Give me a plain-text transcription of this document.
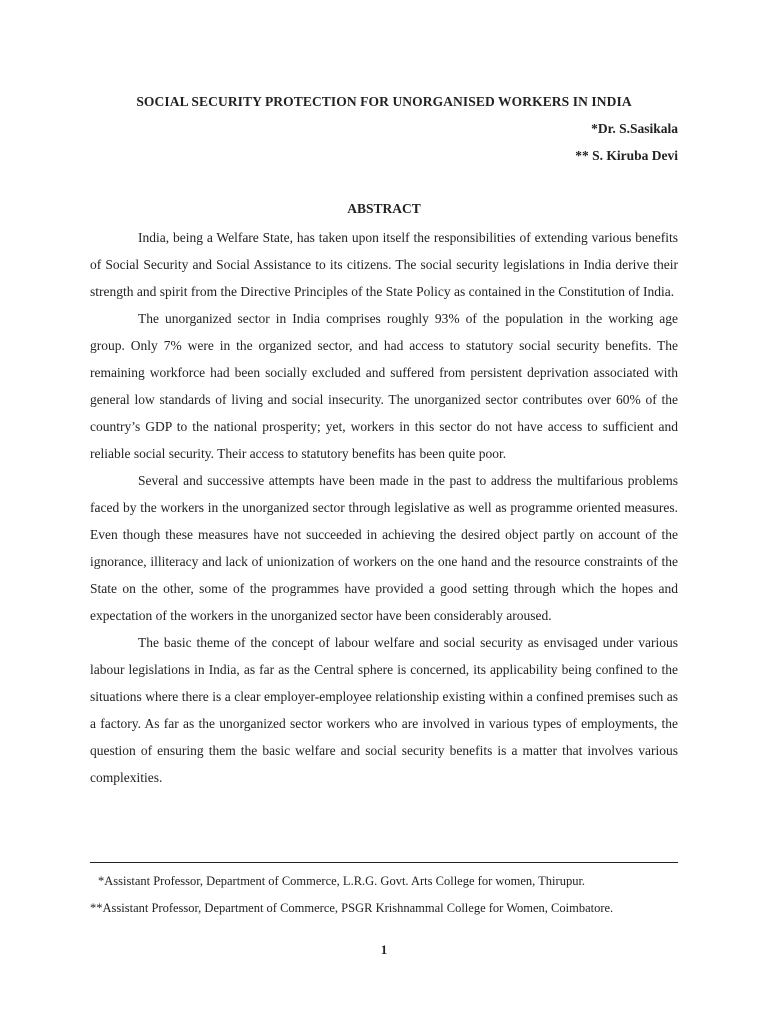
SOCIAL SECURITY PROTECTION FOR UNORGANISED WORKERS IN INDIA
*Dr. S.Sasikala
** S. Kiruba Devi
ABSTRACT

India, being a Welfare State, has taken upon itself the responsibilities of extending various benefits of Social Security and Social Assistance to its citizens. The social security legislations in India derive their strength and spirit from the Directive Principles of the State Policy as contained in the Constitution of India.

The unorganized sector in India comprises roughly 93% of the population in the working age group. Only 7% were in the organized sector, and had access to statutory social security benefits. The remaining workforce had been socially excluded and suffered from persistent deprivation associated with general low standards of living and social insecurity. The unorganized sector contributes over 60% of the country’s GDP to the national prosperity; yet, workers in this sector do not have access to sufficient and reliable social security. Their access to statutory benefits has been quite poor.

Several and successive attempts have been made in the past to address the multifarious problems faced by the workers in the unorganized sector through legislative as well as programme oriented measures. Even though these measures have not succeeded in achieving the desired object partly on account of the ignorance, illiteracy and lack of unionization of workers on the one hand and the resource constraints of the State on the other, some of the programmes have provided a good setting through which the hopes and expectation of the workers in the unorganized sector have been considerably aroused.

The basic theme of the concept of labour welfare and social security as envisaged under various labour legislations in India, as far as the Central sphere is concerned, its applicability being confined to the situations where there is a clear employer-employee relationship existing within a confined premises such as a factory. As far as the unorganized sector workers who are involved in various types of employments, the question of ensuring them the basic welfare and social security benefits is a matter that involves various complexities.

*Assistant Professor, Department of Commerce, L.R.G. Govt. Arts College for women, Thirupur.
**Assistant Professor, Department of Commerce, PSGR Krishnammal College for Women, Coimbatore.
1
